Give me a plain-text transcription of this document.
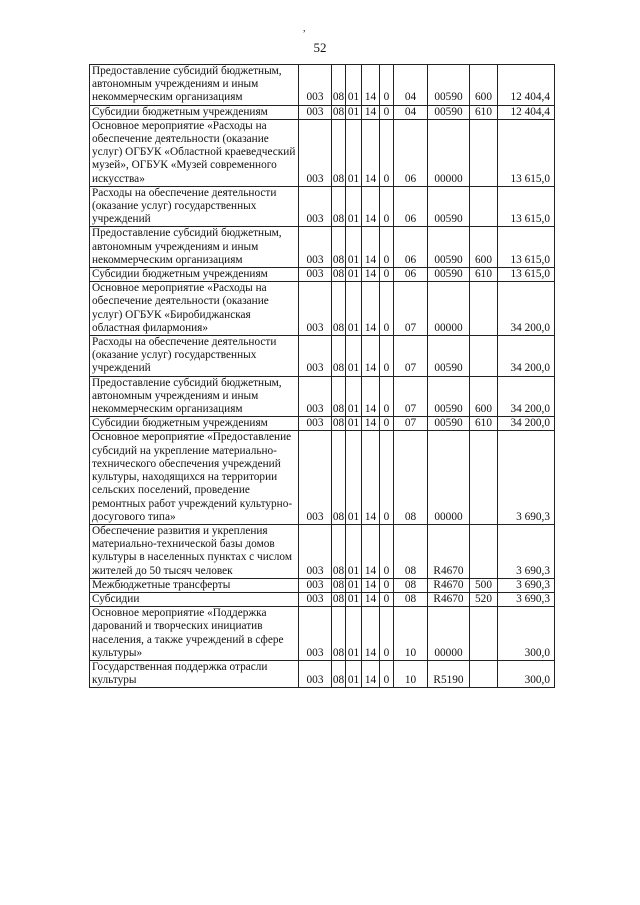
,
52
Предоставление субсидий бюджетным, автономным учреждениям и иным некоммерческим организациям	003	08	01	14	0	04	00590	600	12 404,4
Субсидии бюджетным учреждениям	003	08	01	14	0	04	00590	610	12 404,4
Основное мероприятие «Расходы на обеспечение деятельности (оказание услуг) ОГБУК «Областной краеведческий музей», ОГБУК «Музей современного искусства»	003	08	01	14	0	06	00000		13 615,0
Расходы на обеспечение деятельности (оказание услуг) государственных учреждений	003	08	01	14	0	06	00590		13 615,0
Предоставление субсидий бюджетным, автономным учреждениям и иным некоммерческим организациям	003	08	01	14	0	06	00590	600	13 615,0
Субсидии бюджетным учреждениям	003	08	01	14	0	06	00590	610	13 615,0
Основное мероприятие «Расходы на обеспечение деятельности (оказание услуг) ОГБУК «Биробиджанская областная филармония»	003	08	01	14	0	07	00000		34 200,0
Расходы на обеспечение деятельности (оказание услуг) государственных учреждений	003	08	01	14	0	07	00590		34 200,0
Предоставление субсидий бюджетным, автономным учреждениям и иным некоммерческим организациям	003	08	01	14	0	07	00590	600	34 200,0
Субсидии бюджетным учреждениям	003	08	01	14	0	07	00590	610	34 200,0
Основное мероприятие «Предоставление субсидий на укрепление материально-технического обеспечения учреждений культуры, находящихся на территории сельских поселений, проведение ремонтных работ учреждений культурно-досугового типа»	003	08	01	14	0	08	00000		3 690,3
Обеспечение развития и укрепления материально-технической базы домов культуры в населенных пунктах с числом жителей до 50 тысяч человек	003	08	01	14	0	08	R4670		3 690,3
Межбюджетные трансферты	003	08	01	14	0	08	R4670	500	3 690,3
Субсидии	003	08	01	14	0	08	R4670	520	3 690,3
Основное мероприятие «Поддержка дарований и творческих инициатив населения, а также учреждений в сфере культуры»	003	08	01	14	0	10	00000		300,0
Государственная поддержка отрасли культуры	003	08	01	14	0	10	R5190		300,0
